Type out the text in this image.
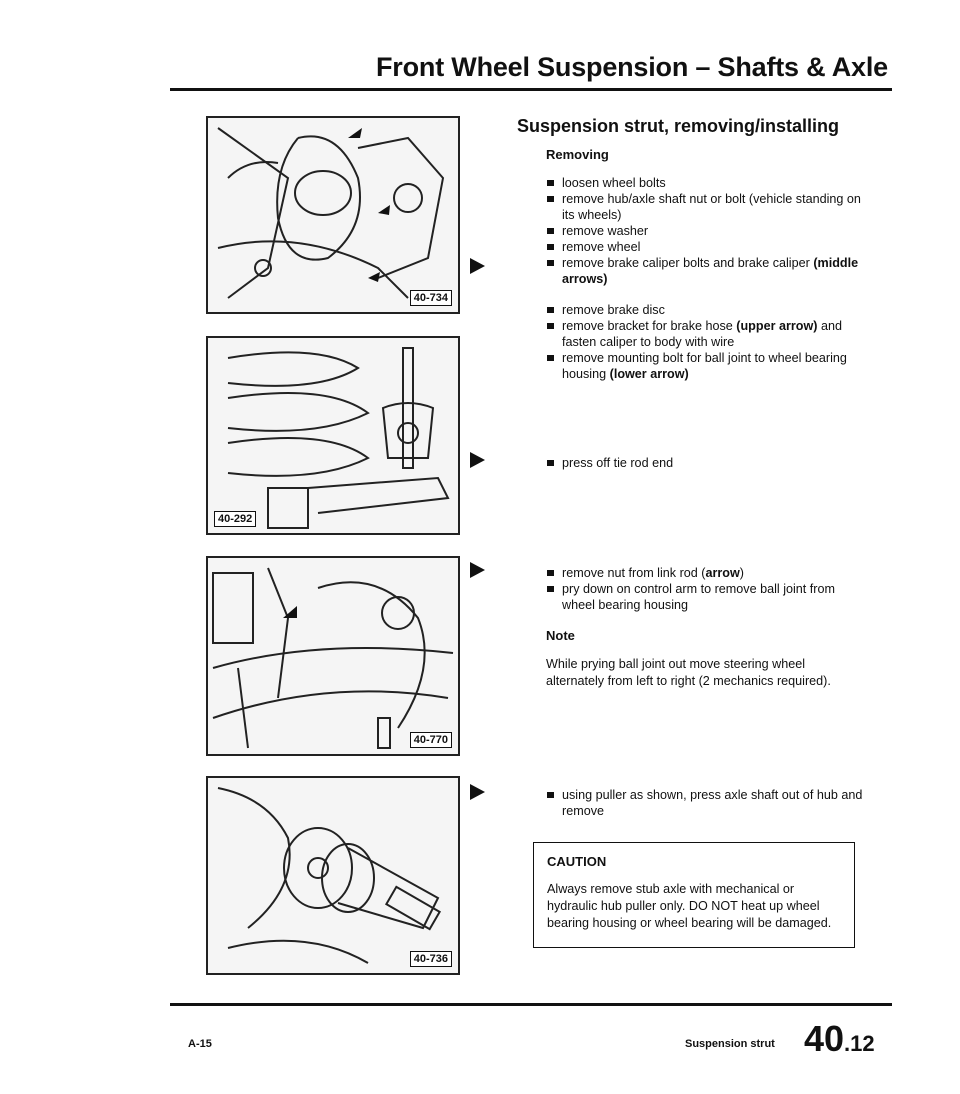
Front Wheel Suspension – Shafts & Axle
40-734
40-292
40-770
40-736
Suspension strut, removing/installing
Removing
loosen wheel bolts
remove hub/axle shaft nut or bolt (vehicle standing on its wheels)
remove washer
remove wheel
remove brake caliper bolts and brake caliper (middle arrows)
remove brake disc
remove bracket for brake hose (upper arrow) and fasten caliper to body with wire
remove mounting bolt for ball joint to wheel bearing housing (lower arrow)
press off tie rod end
remove nut from link rod (arrow)
pry down on control arm to remove ball joint from wheel bearing housing
Note

While prying ball joint out move steering wheel alternately from left to right (2 mechanics required).

using puller as shown, press axle shaft out of hub and remove
CAUTION
Always remove stub axle with mechanical or hydraulic hub puller only. DO NOT heat up wheel bearing housing or wheel bearing will be damaged.
A-15	Suspension strut 40.12
